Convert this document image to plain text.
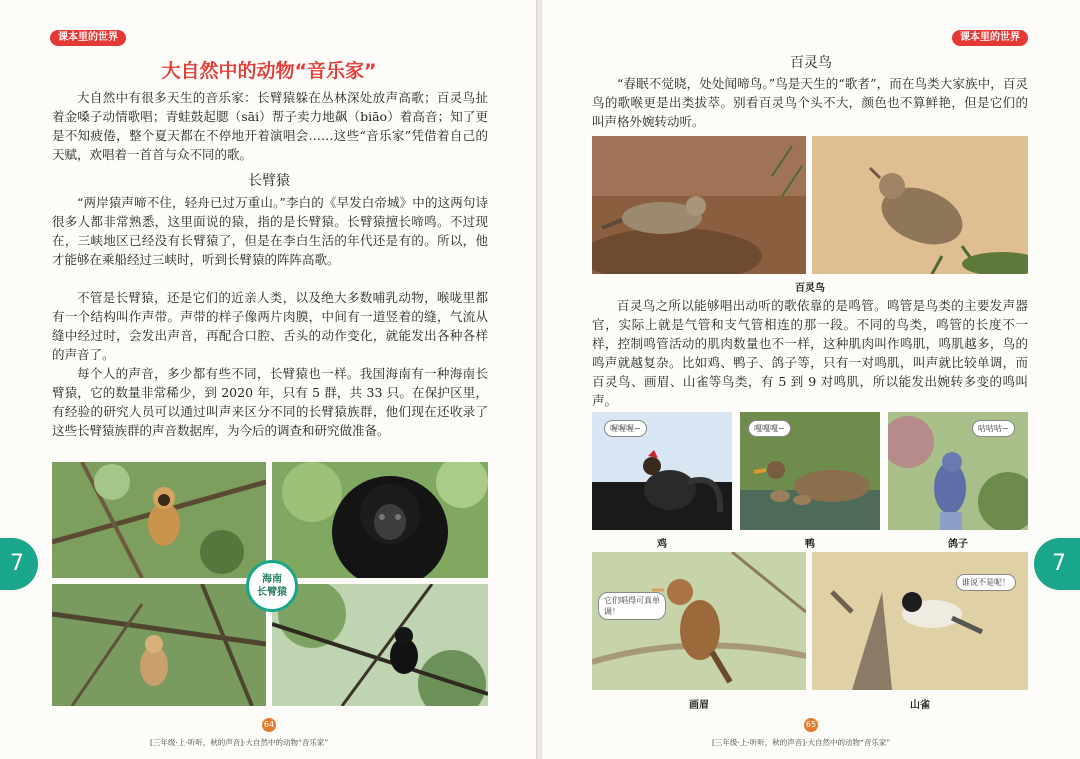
课本里的世界
大自然中的动物“音乐家”

大自然中有很多天生的音乐家：长臂猿躲在丛林深处放声高歌；百灵鸟扯着金嗓子动情歌唱；青蛙鼓起腮（sāi）帮子卖力地飙（biāo）着高音；知了更是不知疲倦，整个夏天都在不停地开着演唱会……这些“音乐家”凭借着自己的天赋，欢唱着一首首与众不同的歌。

长臂猿

“两岸猿声啼不住，轻舟已过万重山。”李白的《早发白帝城》中的这两句诗很多人都非常熟悉，这里面说的猿，指的是长臂猿。长臂猿擅长啼鸣。不过现在，三峡地区已经没有长臂猿了，但是在李白生活的年代还是有的。所以，他才能够在乘船经过三峡时，听到长臂猿的阵阵高歌。

不管是长臂猿，还是它们的近亲人类，以及绝大多数哺乳动物，喉咙里都有一个结构叫作声带。声带的样子像两片肉膜，中间有一道竖着的缝，气流从缝中经过时，会发出声音，再配合口腔、舌头的动作变化，就能发出各种各样的声音了。

每个人的声音，多少都有些不同，长臂猿也一样。我国海南有一种海南长臂猿，它的数量非常稀少，到 2020 年，只有 5 群，共 33 只。在保护区里，有经验的研究人员可以通过叫声来区分不同的长臂猿族群，他们现在还收录了这些长臂猿族群的声音数据库，为今后的调查和研究做准备。

海南
长臂猿
7
64
[三年级·上·听听，秋的声音]·大自然中的动物“音乐家”
课本里的世界
百灵鸟

“春眠不觉晓，处处闻啼鸟。”鸟是天生的“歌者”，而在鸟类大家族中，百灵鸟的歌喉更是出类拔萃。别看百灵鸟个头不大，颜色也不算鲜艳，但是它们的叫声格外婉转动听。

百灵鸟

百灵鸟之所以能够唱出动听的歌依靠的是鸣管。鸣管是鸟类的主要发声器官，实际上就是气管和支气管相连的那一段。不同的鸟类，鸣管的长度不一样，控制鸣管活动的肌肉数量也不一样，这种肌肉叫作鸣肌，鸣肌越多，鸟的鸣声就越复杂。比如鸡、鸭子、鸽子等，只有一对鸣肌，叫声就比较单调，而百灵鸟、画眉、山雀等鸟类，有 5 到 9 对鸣肌，所以能发出婉转多变的鸣叫声。

喔喔喔~	嘎嘎嘎~	咕咕咕~
鸡	鸭	鸽子
它们唱得可真单调！
谁说不是呢！
画眉	山雀
7
65
[三年级·上·听听，秋的声音]·大自然中的动物“音乐家”
